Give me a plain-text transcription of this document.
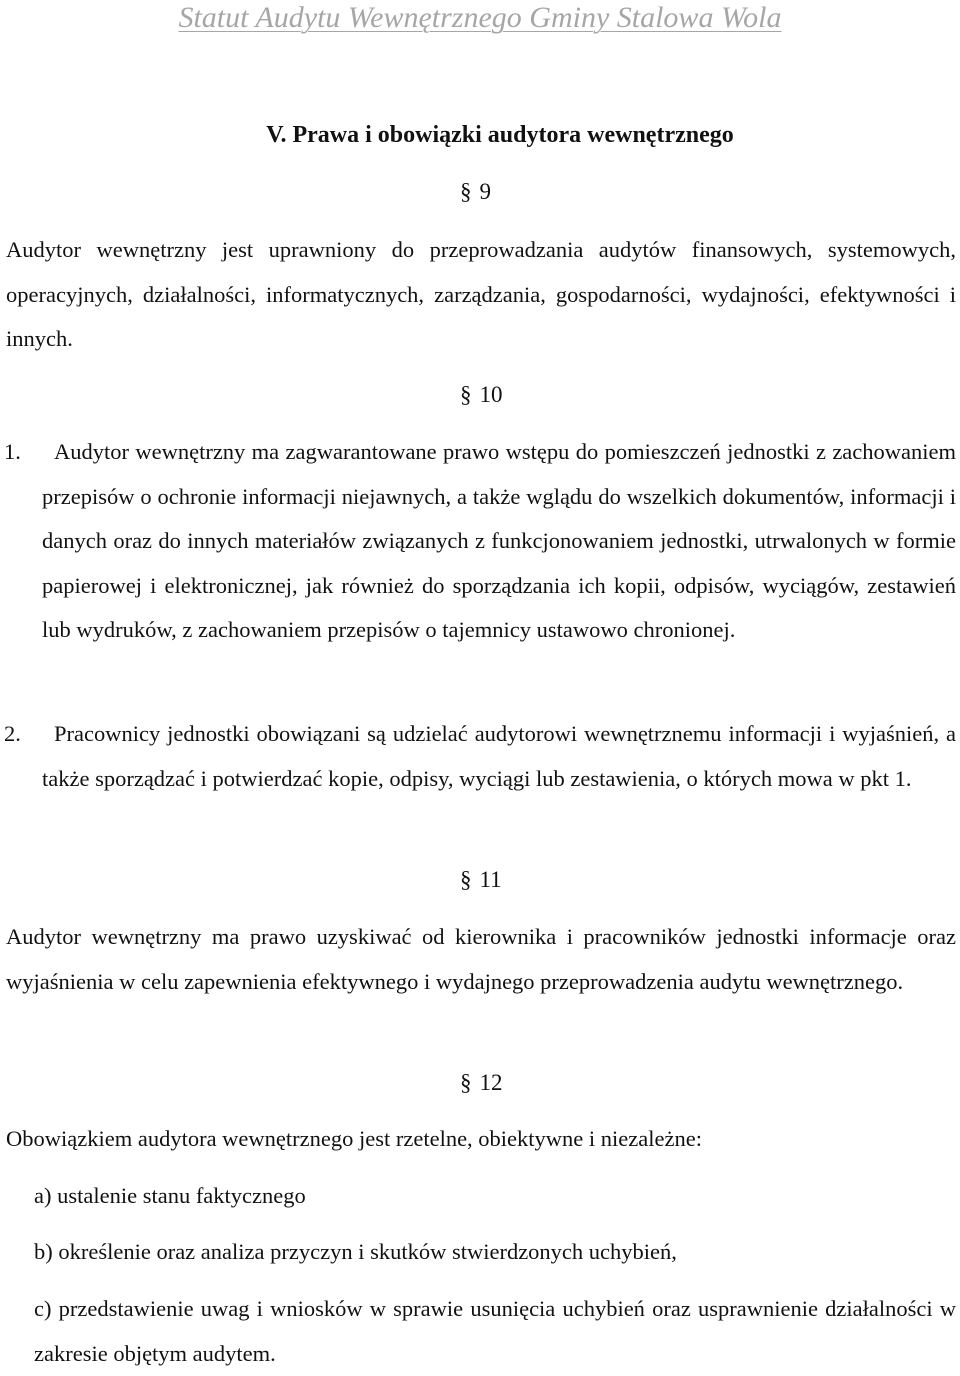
Statut Audytu Wewnętrznego Gminy Stalowa Wola
V. Prawa i obowiązki audytora wewnętrznego
§ 9
Audytor wewnętrzny jest uprawniony do przeprowadzania audytów finansowych, systemowych, operacyjnych, działalności, informatycznych, zarządzania, gospodarności, wydajności, efektywności i innych.
§ 10
1.	Audytor wewnętrzny ma zagwarantowane prawo wstępu do pomieszczeń jednostki z zachowaniem przepisów o ochronie informacji niejawnych, a także wglądu do wszelkich dokumentów, informacji i danych oraz do innych materiałów związanych z funkcjonowaniem jednostki, utrwalonych w formie papierowej i elektronicznej, jak również do sporządzania ich kopii, odpisów, wyciągów, zestawień lub wydruków, z zachowaniem przepisów o tajemnicy ustawowo chronionej.
2.	Pracownicy jednostki obowiązani są udzielać audytorowi wewnętrznemu informacji i wyjaśnień, a także sporządzać i potwierdzać kopie, odpisy, wyciągi lub zestawienia, o których mowa w pkt 1.
§ 11
Audytor wewnętrzny ma prawo uzyskiwać od kierownika i pracowników jednostki informacje oraz wyjaśnienia w celu zapewnienia efektywnego i wydajnego przeprowadzenia audytu wewnętrznego.
§ 12
Obowiązkiem audytora wewnętrznego jest rzetelne, obiektywne i niezależne:
a) ustalenie stanu faktycznego
b) określenie oraz analiza przyczyn i skutków stwierdzonych uchybień,
c) przedstawienie uwag i wniosków w sprawie usunięcia uchybień oraz usprawnienie działalności w zakresie objętym audytem.
